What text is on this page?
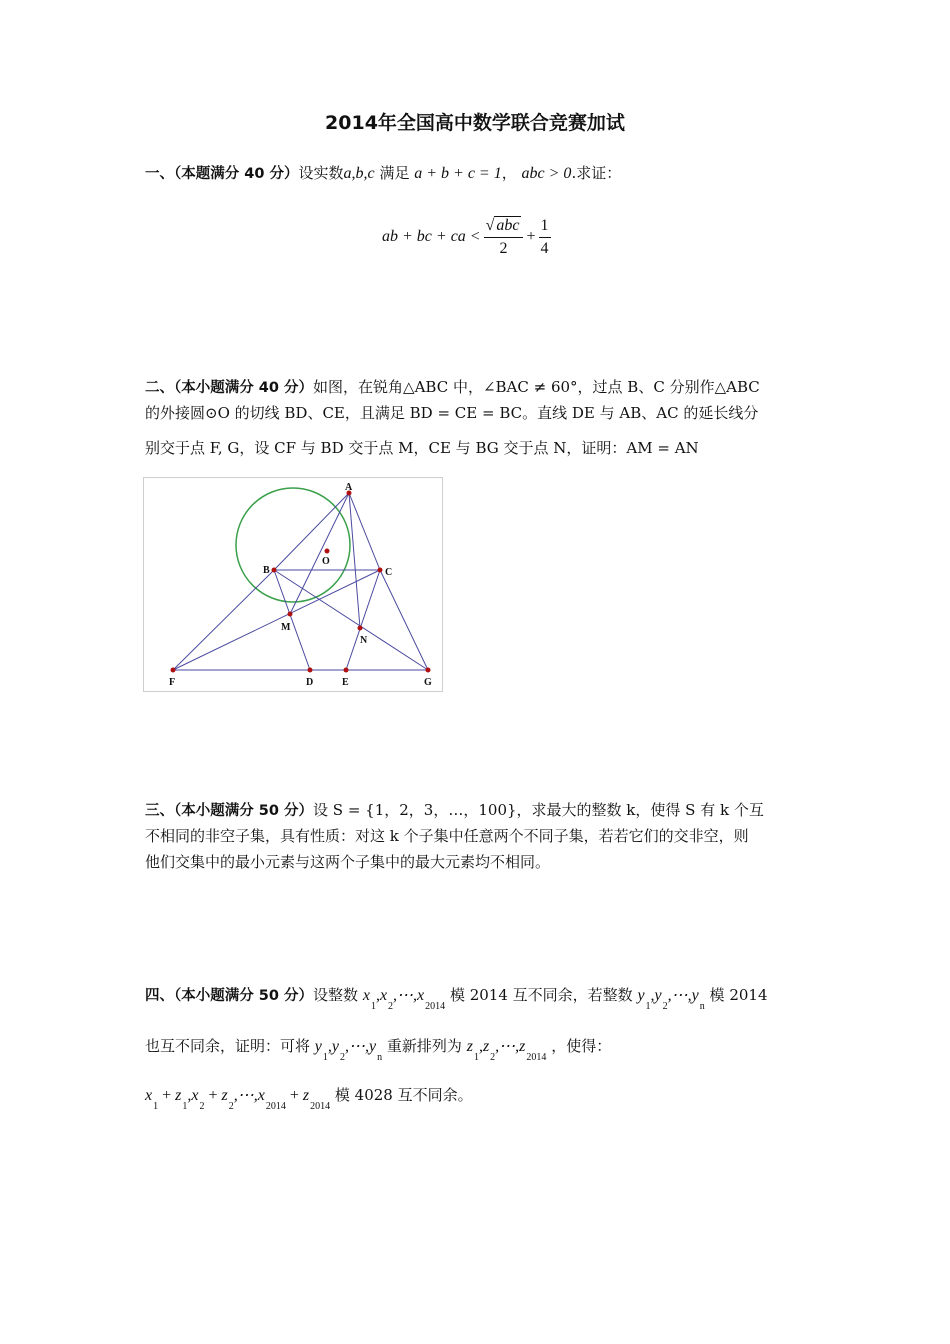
2014年全国高中数学联合竞赛加试
一、（本题满分 40 分）设实数a,b,c 满足 a + b + c = 1， abc > 0.求证：
ab + bc + ca < $\frac{\text{√ abc}}{2} + \frac{1}{4}$
二、（本小题满分 40 分）如图，在锐角△ABC 中，∠BAC ≠ 60°，过点 B、C 分别作△ABC
的外接圆⊙O 的切线 BD、CE，且满足 BD = CE = BC。直线 DE 与 AB、AC 的延长线分
别交于点 F, G，设 CF 与 BD 交于点 M，CE 与 BG 交于点 N，证明：AM = AN
A
O
B	C
M
N
F	D	E	G
三、（本小题满分 50 分）设 S = {1，2，3，…，100}，求最大的整数 k，使得 S 有 k 个互
不相同的非空子集，具有性质：对这 k 个子集中任意两个不同子集，若若它们的交非空，则
他们交集中的最小元素与这两个子集中的最大元素均不相同。
四、（本小题满分 50 分）设整数 $x_1,x_2,\cdots,x_{2014}$ 模 2014 互不同余，若整数 $y_1,y_2,\cdots,y_n$ 模 2014
也互不同余，证明：可将 $y_1,y_2,\cdots,y_n$ 重新排列为 $z_1,z_2,\cdots,z_{2014}$ ，使得：
$x_1 + z_1,x_2$ + $z_2,\cdots,x_{2014} + z_{2014}$ 模 4028 互不同余。
